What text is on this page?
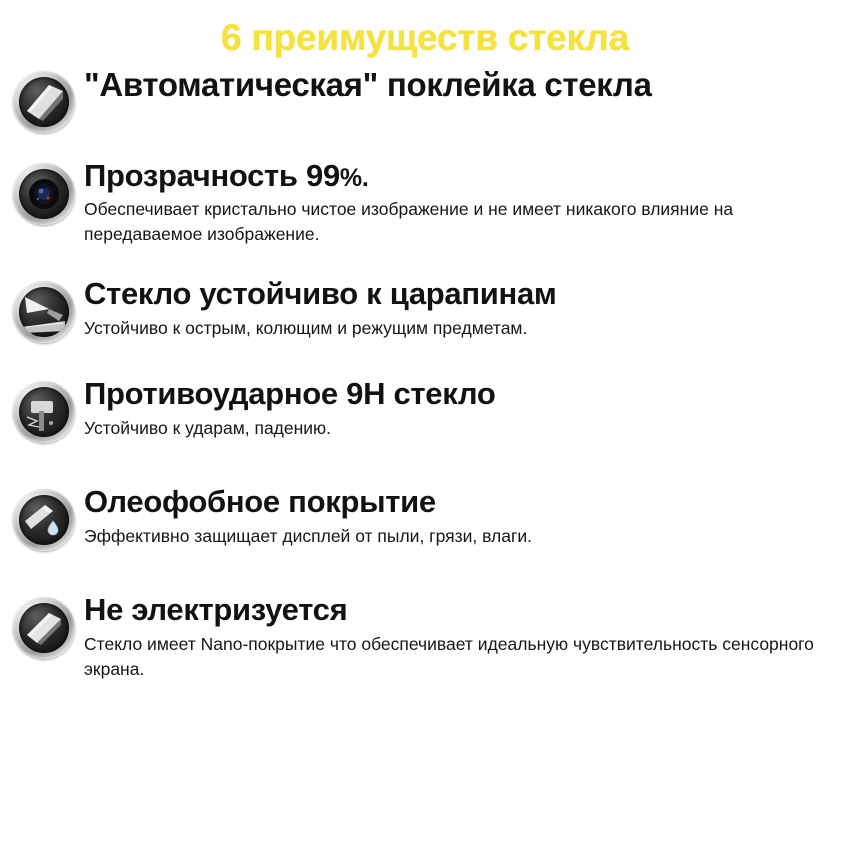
6 преимуществ стекла
"Автоматическая" поклейка стекла
Прозрачность 99%.
Обеспечивает кристально чистое изображение и не имеет никакого влияние на передаваемое изображение.
Стекло устойчиво к царапинам
Устойчиво к острым, колющим и режущим предметам.
Противоударное 9H стекло
Устойчиво к ударам, падению.
Олеофобное покрытие
Эффективно защищает дисплей от пыли, грязи, влаги.
Не электризуется
Стекло имеет Nano-покрытие что обеспечивает идеальную чувствительность сенсорного экрана.
